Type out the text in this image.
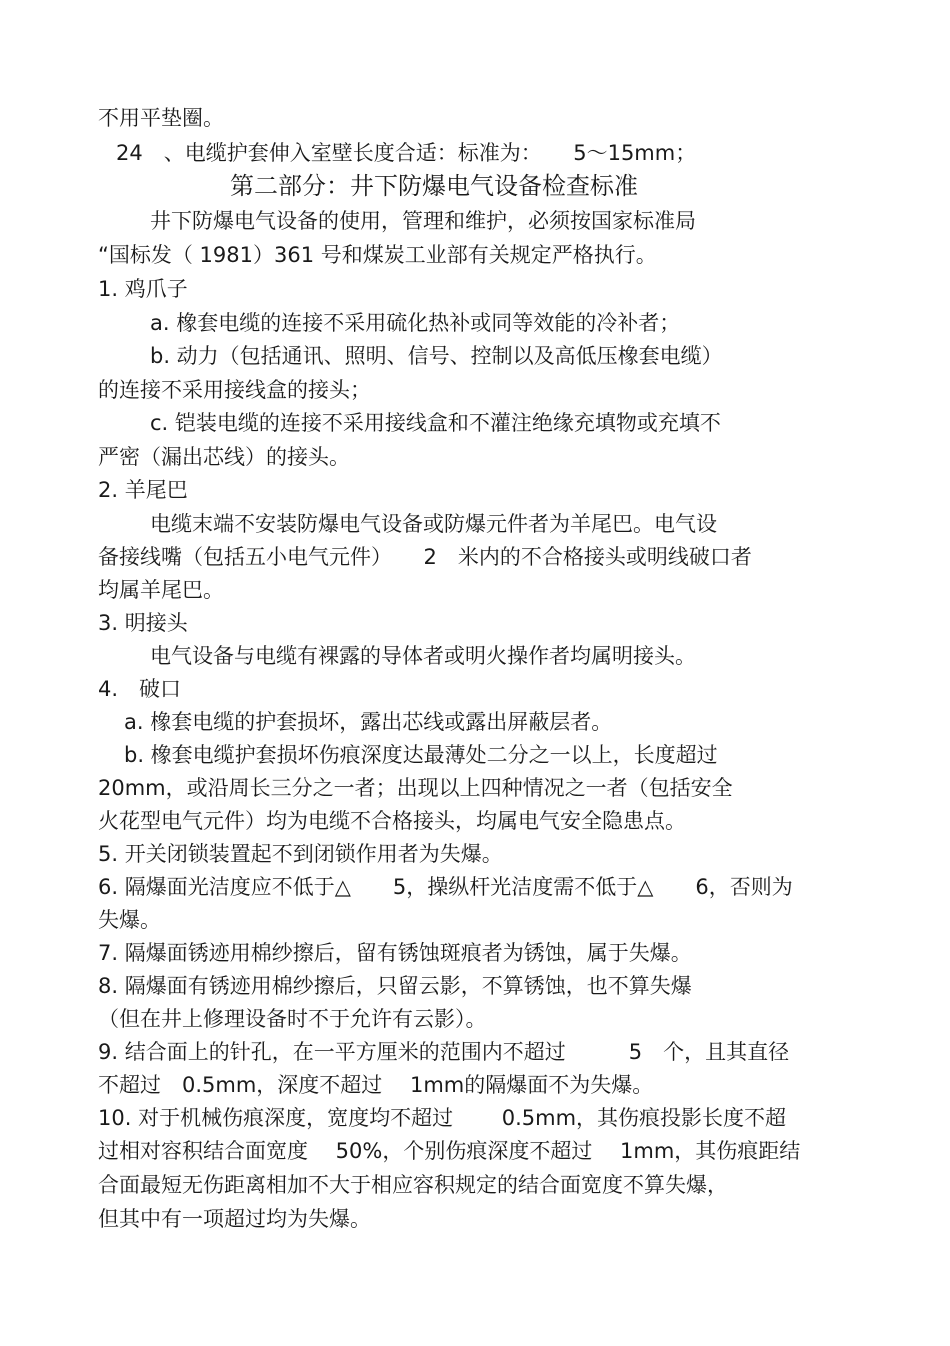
不用平垫圈。
24　、电缆护套伸入室壁长度合适：标准为：　　5～15mm；
第二部分：井下防爆电气设备检查标准
井下防爆电气设备的使用，管理和维护，必须按国家标准局
“国标发（ 1981）361 号和煤炭工业部有关规定严格执行。
1. 鸡爪子
a. 橡套电缆的连接不采用硫化热补或同等效能的冷补者；
b. 动力（包括通讯、照明、信号、控制以及高低压橡套电缆）
的连接不采用接线盒的接头；
c. 铠装电缆的连接不采用接线盒和不灌注绝缘充填物或充填不
严密（漏出芯线）的接头。
2. 羊尾巴
电缆末端不安装防爆电气设备或防爆元件者为羊尾巴。电气设
备接线嘴（包括五小电气元件）　　2　米内的不合格接头或明线破口者
均属羊尾巴。
3. 明接头
电气设备与电缆有裸露的导体者或明火操作者均属明接头。
4.　破口
a. 橡套电缆的护套损坏，露出芯线或露出屏蔽层者。
b. 橡套电缆护套损坏伤痕深度达最薄处二分之一以上，长度超过
20mm，或沿周长三分之一者；出现以上四种情况之一者（包括安全
火花型电气元件）均为电缆不合格接头，均属电气安全隐患点。
5. 开关闭锁装置起不到闭锁作用者为失爆。
6. 隔爆面光洁度应不低于△　　5，操纵杆光洁度需不低于△　　6，否则为
失爆。
7. 隔爆面锈迹用棉纱擦后，留有锈蚀斑痕者为锈蚀，属于失爆。
8. 隔爆面有锈迹用棉纱擦后，只留云影，不算锈蚀，也不算失爆
（但在井上修理设备时不于允许有云影）。
9. 结合面上的针孔，在一平方厘米的范围内不超过　　　5　个，且其直径
不超过　0.5mm，深度不超过　 1mm的隔爆面不为失爆。
10. 对于机械伤痕深度，宽度均不超过　　 0.5mm，其伤痕投影长度不超
过相对容积结合面宽度　 50%，个别伤痕深度不超过　 1mm，其伤痕距结
合面最短无伤距离相加不大于相应容积规定的结合面宽度不算失爆，
但其中有一项超过均为失爆。
